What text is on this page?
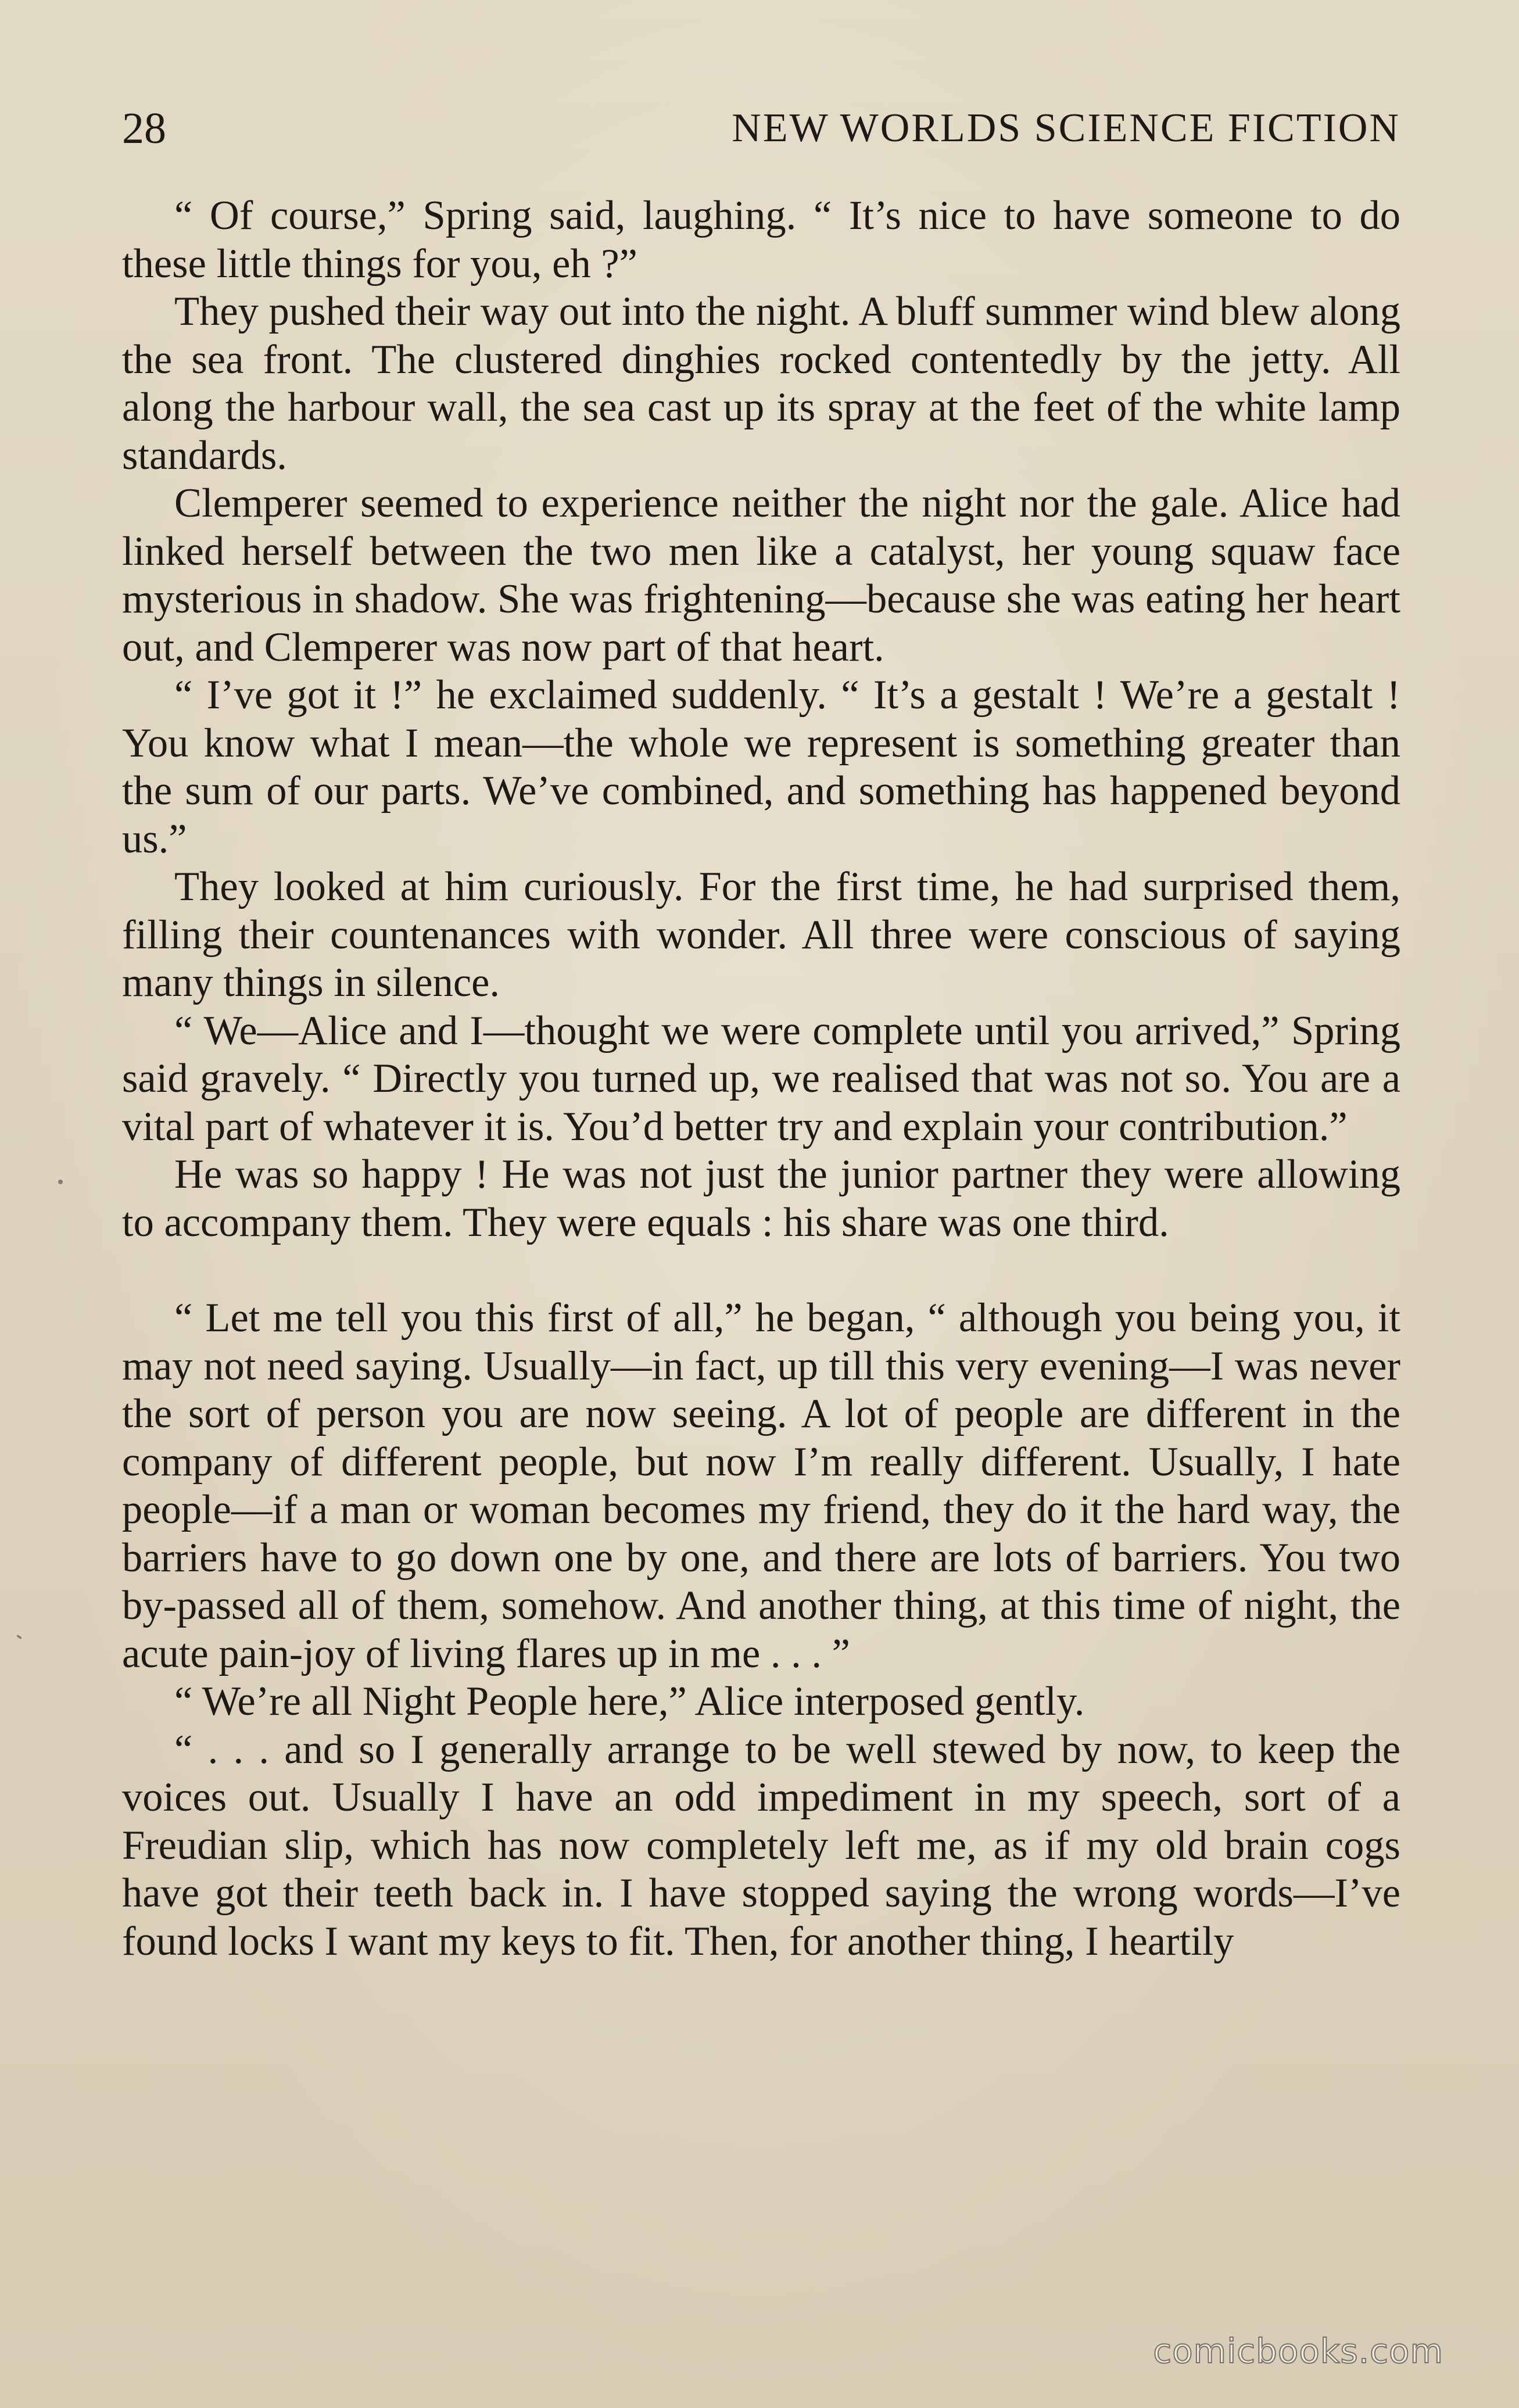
28	NEW WORLDS SCIENCE FICTION

“ Of course,” Spring said, laughing. “ It’s nice to have someone to do these little things for you, eh ?”

They pushed their way out into the night. A bluff summer wind blew along the sea front. The clustered dinghies rocked contentedly by the jetty. All along the harbour wall, the sea cast up its spray at the feet of the white lamp standards.

Clemperer seemed to experience neither the night nor the gale. Alice had linked herself between the two men like a catalyst, her young squaw face mysterious in shadow. She was frightening—because she was eating her heart out, and Clemperer was now part of that heart.

“ I’ve got it !” he exclaimed suddenly. “ It’s a gestalt ! We’re a gestalt ! You know what I mean—the whole we represent is something greater than the sum of our parts. We’ve combined, and something has happened beyond us.”

They looked at him curiously. For the first time, he had surprised them, filling their countenances with wonder. All three were conscious of saying many things in silence.

“ We—Alice and I—thought we were complete until you arrived,” Spring said gravely. “ Directly you turned up, we realised that was not so. You are a vital part of whatever it is. You’d better try and explain your contribution.”

He was so happy ! He was not just the junior partner they were allowing to accompany them. They were equals : his share was one third.

“ Let me tell you this first of all,” he began, “ although you being you, it may not need saying. Usually—in fact, up till this very evening—I was never the sort of person you are now seeing. A lot of people are different in the company of different people, but now I’m really different. Usually, I hate people—if a man or woman becomes my friend, they do it the hard way, the barriers have to go down one by one, and there are lots of barriers. You two by-passed all of them, somehow. And another thing, at this time of night, the acute pain-joy of living flares up in me . . . ”

“ We’re all Night People here,” Alice interposed gently.

“ . . . and so I generally arrange to be well stewed by now, to keep the voices out. Usually I have an odd impediment in my speech, sort of a Freudian slip, which has now completely left me, as if my old brain cogs have got their teeth back in. I have stopped saying the wrong words—I’ve found locks I want my keys to fit. Then, for another thing, I heartily

comicbooks.com
